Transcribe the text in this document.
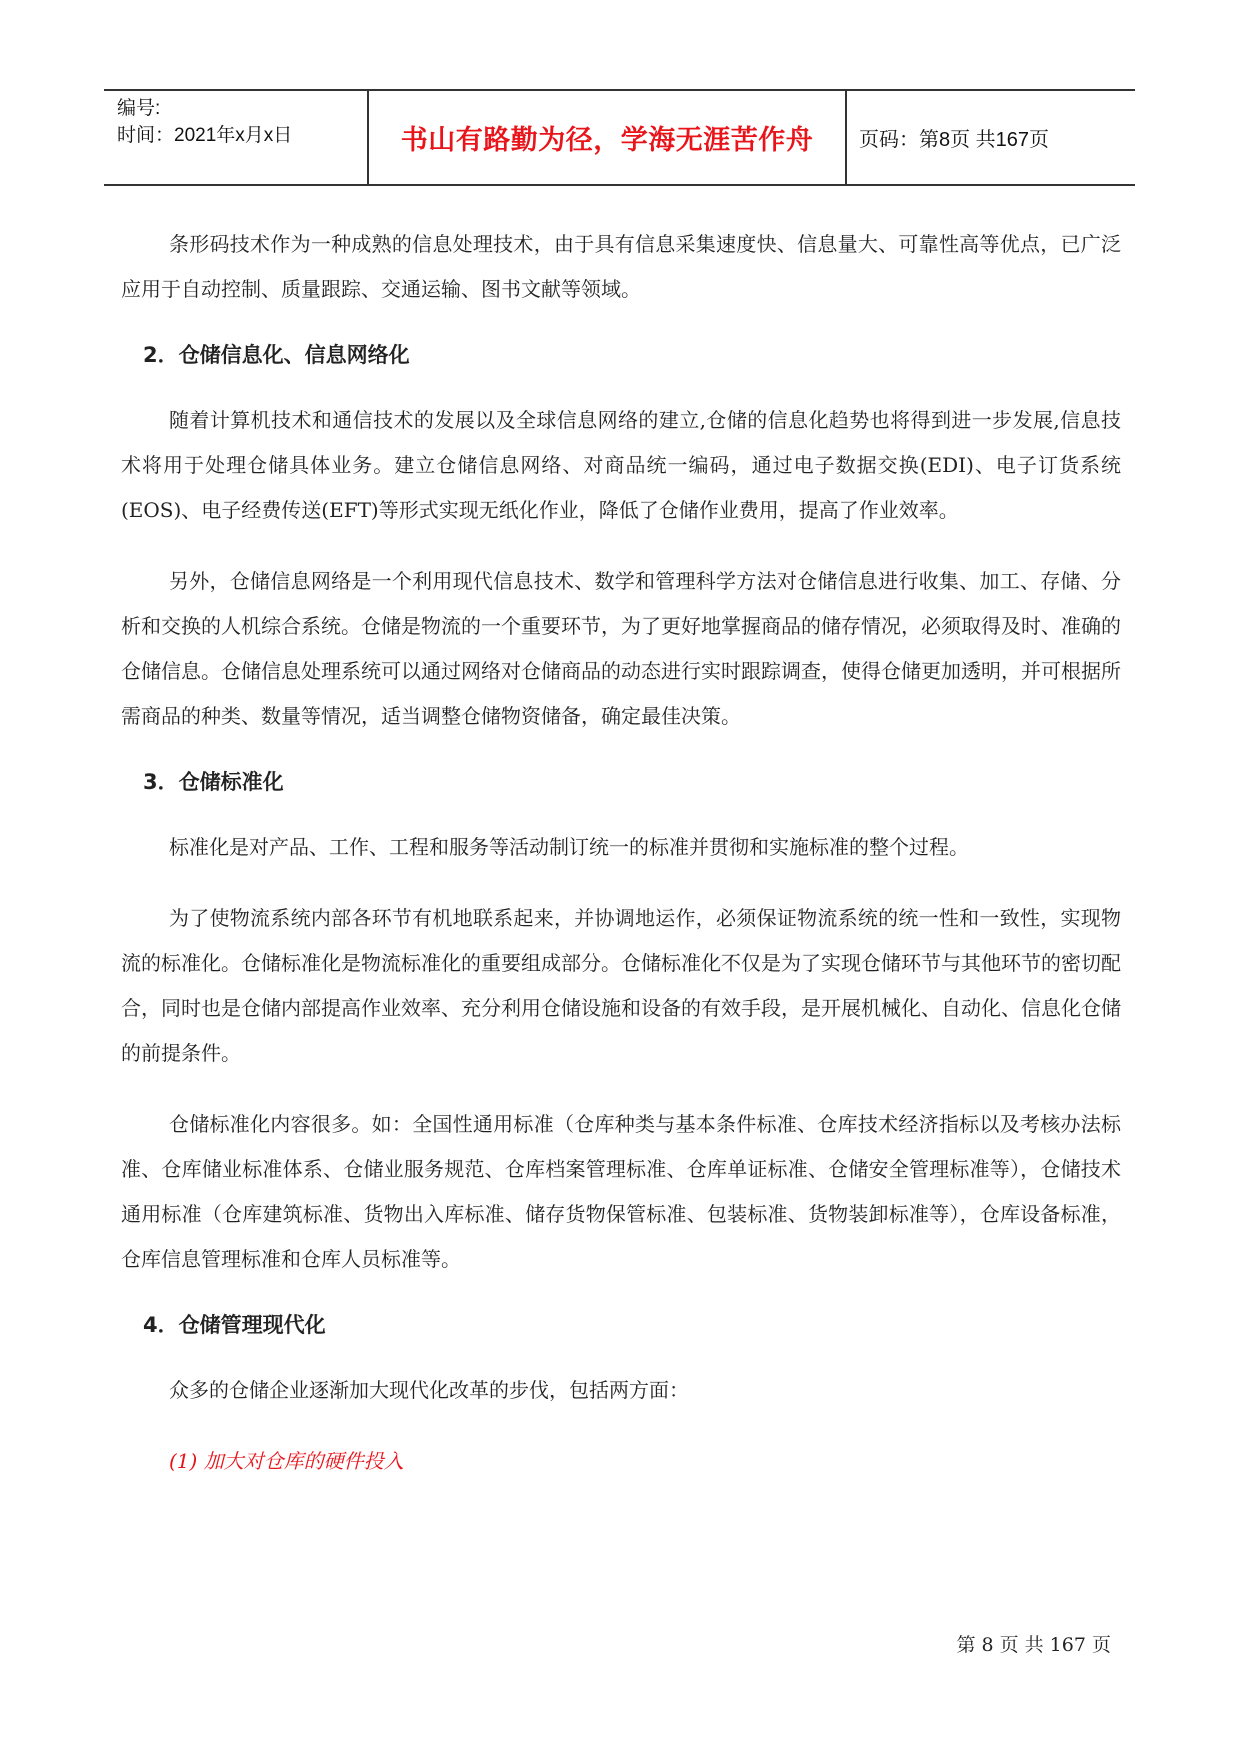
编号:
时间：2021年x月x日	书山有路勤为径，学海无涯苦作舟	页码：第8页 共167页

条形码技术作为一种成熟的信息处理技术，由于具有信息采集速度快、信息量大、可靠性高等优点，已广泛应用于自动控制、质量跟踪、交通运输、图书文献等领域。

2．仓储信息化、信息网络化

随着计算机技术和通信技术的发展以及全球信息网络的建立,仓储的信息化趋势也将得到进一步发展,信息技术将用于处理仓储具体业务。建立仓储信息网络、对商品统一编码，通过电子数据交换(EDI)、电子订货系统(EOS)、电子经费传送(EFT)等形式实现无纸化作业，降低了仓储作业费用，提高了作业效率。

另外，仓储信息网络是一个利用现代信息技术、数学和管理科学方法对仓储信息进行收集、加工、存储、分析和交换的人机综合系统。仓储是物流的一个重要环节，为了更好地掌握商品的储存情况，必须取得及时、准确的仓储信息。仓储信息处理系统可以通过网络对仓储商品的动态进行实时跟踪调查，使得仓储更加透明，并可根据所需商品的种类、数量等情况，适当调整仓储物资储备，确定最佳决策。

3．仓储标准化

标准化是对产品、工作、工程和服务等活动制订统一的标准并贯彻和实施标准的整个过程。

为了使物流系统内部各环节有机地联系起来，并协调地运作，必须保证物流系统的统一性和一致性，实现物流的标准化。仓储标准化是物流标准化的重要组成部分。仓储标准化不仅是为了实现仓储环节与其他环节的密切配合，同时也是仓储内部提高作业效率、充分利用仓储设施和设备的有效手段，是开展机械化、自动化、信息化仓储的前提条件。

仓储标准化内容很多。如：全国性通用标准（仓库种类与基本条件标准、仓库技术经济指标以及考核办法标准、仓库储业标准体系、仓储业服务规范、仓库档案管理标准、仓库单证标准、仓储安全管理标准等），仓储技术通用标准（仓库建筑标准、货物出入库标准、储存货物保管标准、包装标准、货物装卸标准等），仓库设备标准，仓库信息管理标准和仓库人员标准等。

4．仓储管理现代化

众多的仓储企业逐渐加大现代化改革的步伐，包括两方面：

(1) 加大对仓库的硬件投入

第 8 页 共 167 页
